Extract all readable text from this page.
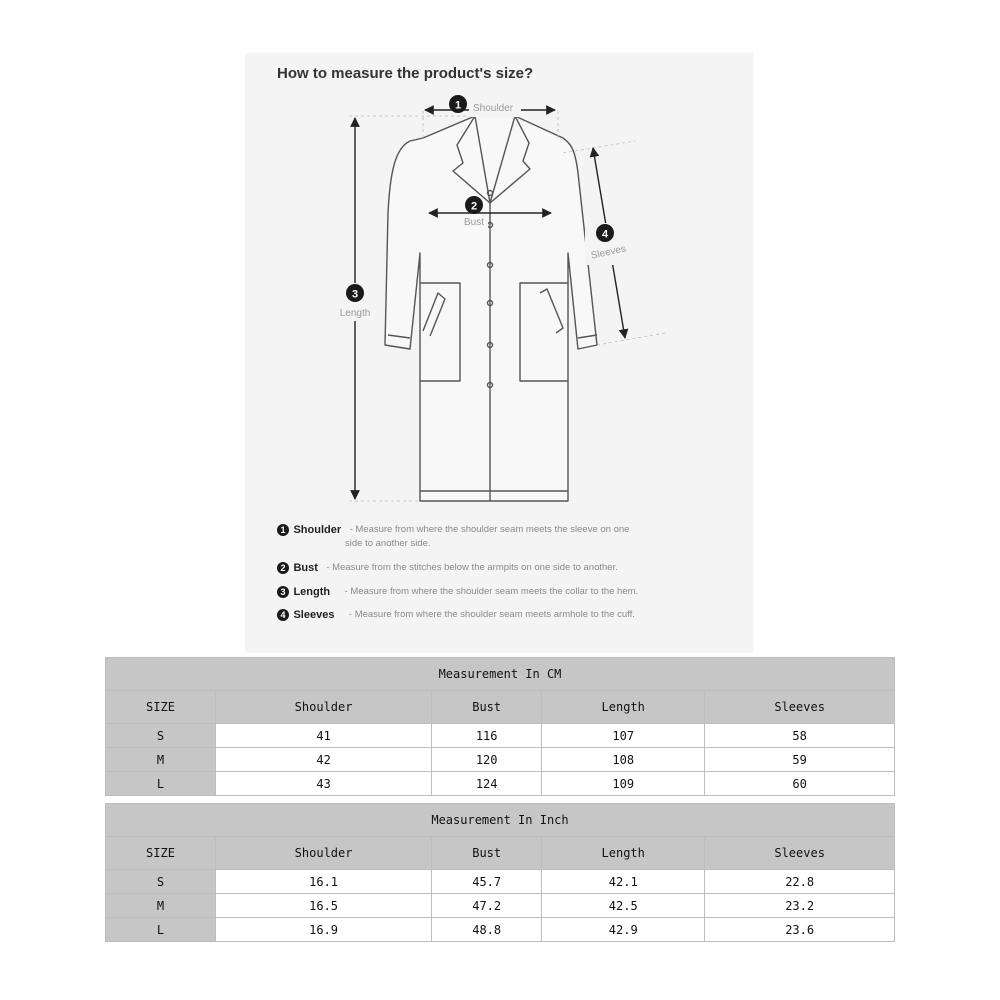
How to measure the product's size?
1 Shoulder
2
Bust
3
Length
4
Sleeves
1 Shoulder - Measure from where the shoulder seam meets the sleeve on one
side to another side.
2 Bust - Measure from the stitches below the armpits on one side to another.
3 Length - Measure from where the shoulder seam meets the collar to the hem.
4 Sleeves - Measure from where the shoulder seam meets armhole to the cuff.
Measurement In CM				
SIZE	Shoulder	Bust	Length	Sleeves
S	41	116	107	58
M	42	120	108	59
L	43	124	109	60
Measurement In Inch				
SIZE	Shoulder	Bust	Length	Sleeves
S	16.1	45.7	42.1	22.8
M	16.5	47.2	42.5	23.2
L	16.9	48.8	42.9	23.6
